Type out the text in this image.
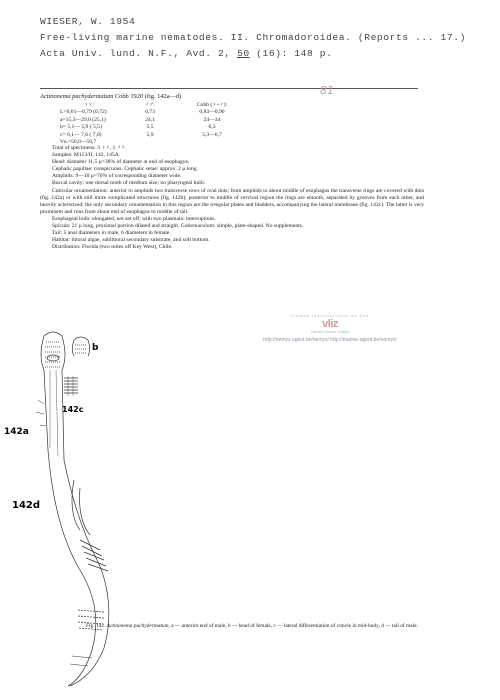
WIESER, W. 1954
Free-living marine nematodes. II. Chromadoroidea. (Reports ... 17.)
Acta Univ. lund. N.F., Avd. 2, 50 (16): 148 p.
81
Actinonema pachydermatum Cobb 1920 (fig. 142a—d)
♀♀:	♂♂:	Cobb (♀+♂):
L=0,61—0,79 (0,72)	0,73	0,83—0,90
a=15,3—29,0 (25,1)	24,1	24—34
b= 5,1— 5,9 ( 5,5)	5,5	6,3
c= 6,1— 7,6 ( 7,0)	5,9	5,3—6,7
Vu.=50,0—50,7		

Total of specimens: 3 ♀♀, 1 ♂♂.

Samples: M113/II, 142, 145A.

Head: diameter 11,5 μ=38% of diameter at end of esophagus.

Cephalic papillae: conspicuous. Cephalic setae: approx. 2 μ long.

Amphids: 9—10 μ=70% of corresponding diameter wide.

Buccal cavity: one dorsal tooth of medium size; no pharyngeal bulb.

Cuticular ornamentation: anterior to amphids two transverse rows of oval dots; from amphids to about middle of esophagus the transverse rings are covered with dots (fig. 142a) or with still more complicated structures (fig. 142b); posterior to middle of cervical region the rings are smooth, separated by grooves from each other, and heavily sclerotized; the only secondary ornamentation in this region are the irregular plates and bladders, accompanying the lateral membrane (fig. 142c). The latter is very prominent and runs from about end of esophagus to middle of tail.

Esophageal bulb: elongated, not set off, with two plasmatic interruptions.

Spicula: 21 μ long, proximal portion dilated and straight. Gubernaculum: simple, plate-shaped. No supplements.

Tail: 5 anal diameters in male, 6 diameters in female.

Habitat: littoral algae, sublittoral secondary substrate, and soft bottom.

Distribution: Florida (two miles off Key West), Chile.

Vlaams Instituut voor de Zee
vliz
Flanders Marine Institute
http://nemys.ugent.be/nemys/ http://marine-agent.be/nemys/
b
142c
142a
142d
Fig. 142. Actinonema pachydermatum, a — anterior end of male, b — head of female, c — lateral differentiation of cuticle in mid-body, d — tail of male.
